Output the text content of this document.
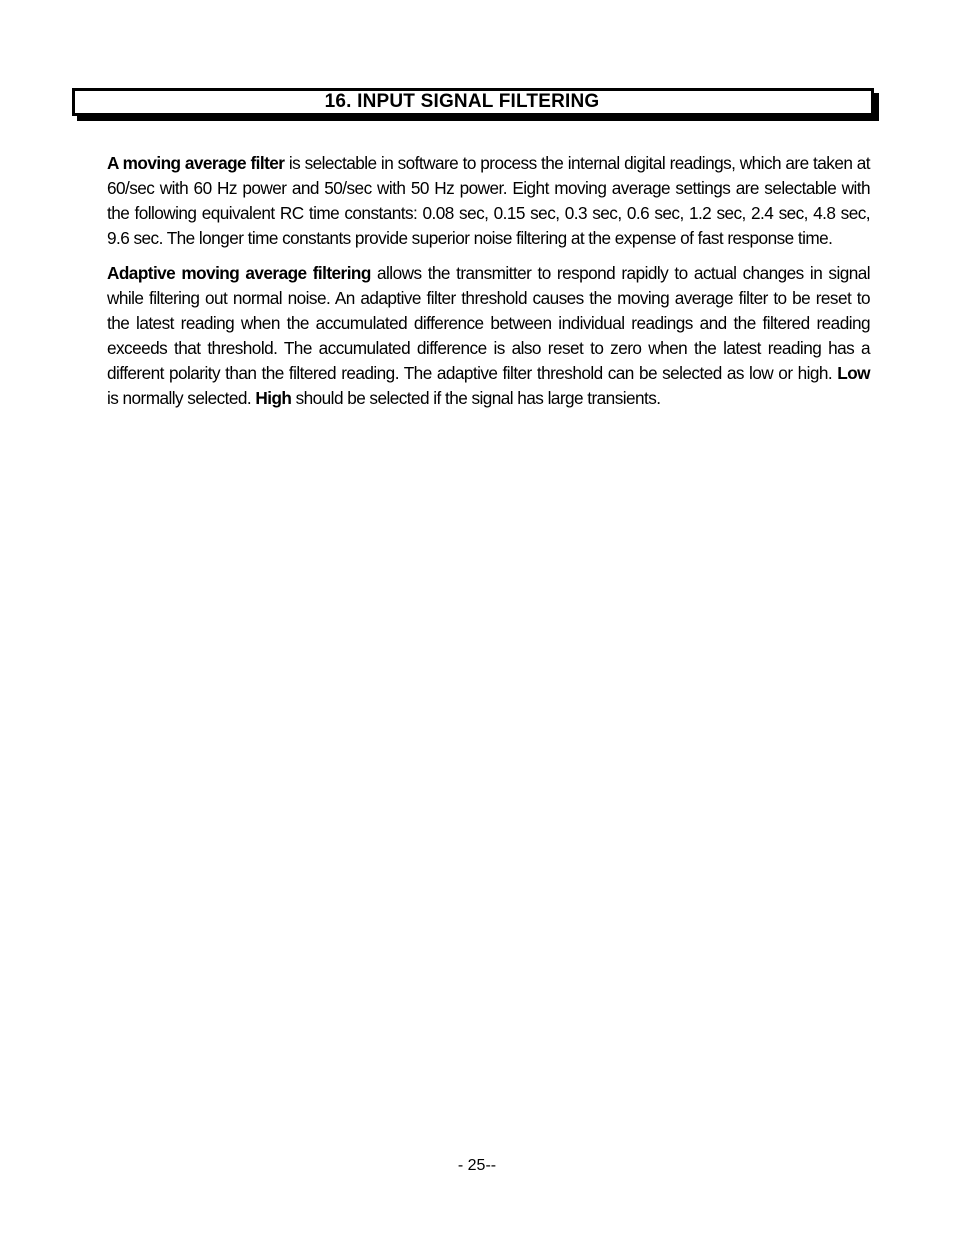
16. INPUT SIGNAL FILTERING

A moving average filter is selectable in software to process the internal digital readings, which are taken at 60/sec with 60 Hz power and 50/sec with 50 Hz power. Eight moving average settings are selectable with the following equivalent RC time constants: 0.08 sec, 0.15 sec, 0.3 sec, 0.6 sec, 1.2 sec, 2.4 sec, 4.8 sec, 9.6 sec. The longer time constants provide superior noise filtering at the expense of fast response time.

Adaptive moving average filtering allows the transmitter to respond rapidly to actual changes in signal while filtering out normal noise. An adaptive filter threshold causes the moving average filter to be reset to the latest reading when the accumulated difference between individual readings and the filtered reading exceeds that threshold. The accumulated difference is also reset to zero when the latest reading has a different polarity than the filtered reading. The adaptive filter threshold can be selected as low or high. Low is normally selected. High should be selected if the signal has large transients.

- 25--
